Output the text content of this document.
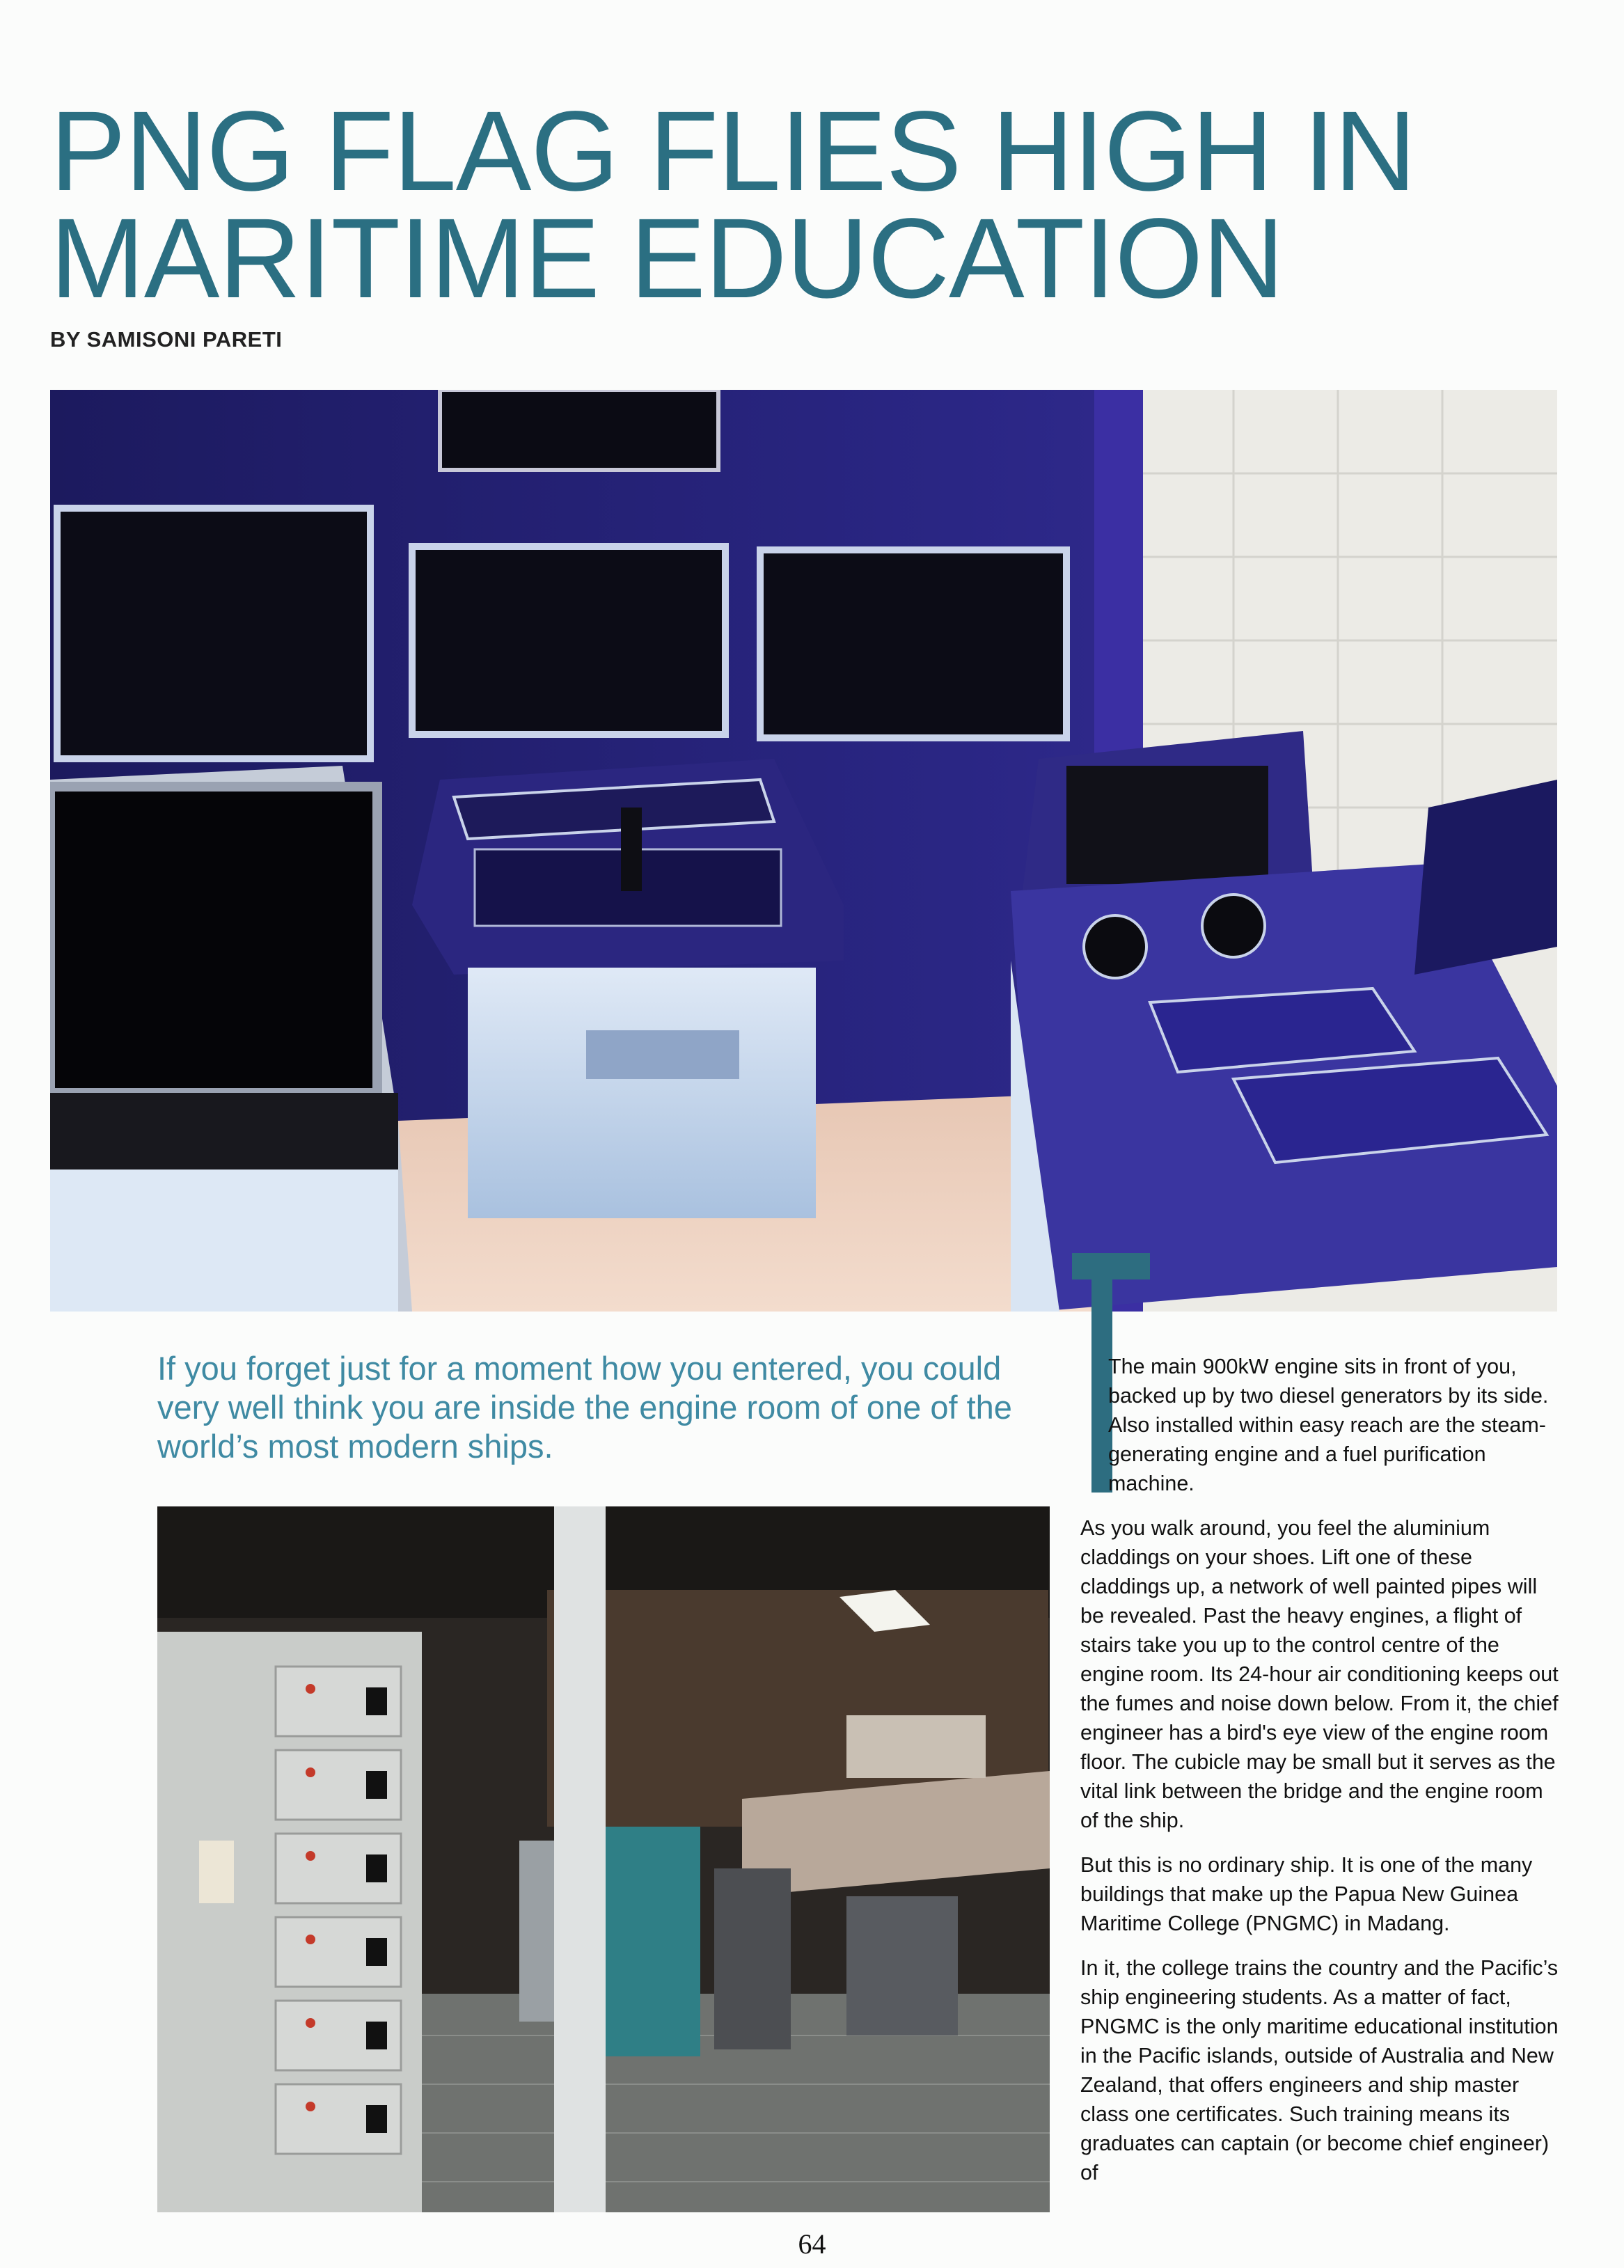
PNG FLAG FLIES HIGH IN MARITIME EDUCATION
BY SAMISONI PARETI
If you forget just for a moment how you entered, you could very well think you are inside the engine room of one of the world’s most modern ships.

The main 900kW engine sits in front of you, backed up by two diesel generators by its side. Also installed within easy reach are the steam-generating engine and a fuel purification machine.

As you walk around, you feel the aluminium claddings on your shoes. Lift one of these claddings up, a network of well painted pipes will be revealed. Past the heavy engines, a flight of stairs take you up to the control centre of the engine room. Its 24-hour air conditioning keeps out the fumes and noise down below. From it, the chief engineer has a bird's eye view of the engine room floor. The cubicle may be small but it serves as the vital link between the bridge and the engine room of the ship.

But this is no ordinary ship. It is one of the many buildings that make up the Papua New Guinea Maritime College (PNGMC) in Madang.

In it, the college trains the country and the Pacific’s ship engineering students. As a matter of fact, PNGMC is the only maritime educational institution in the Pacific islands, outside of Australia and New Zealand, that offers engineers and ship master class one certificates. Such training means its graduates can captain (or become chief engineer) of

64
